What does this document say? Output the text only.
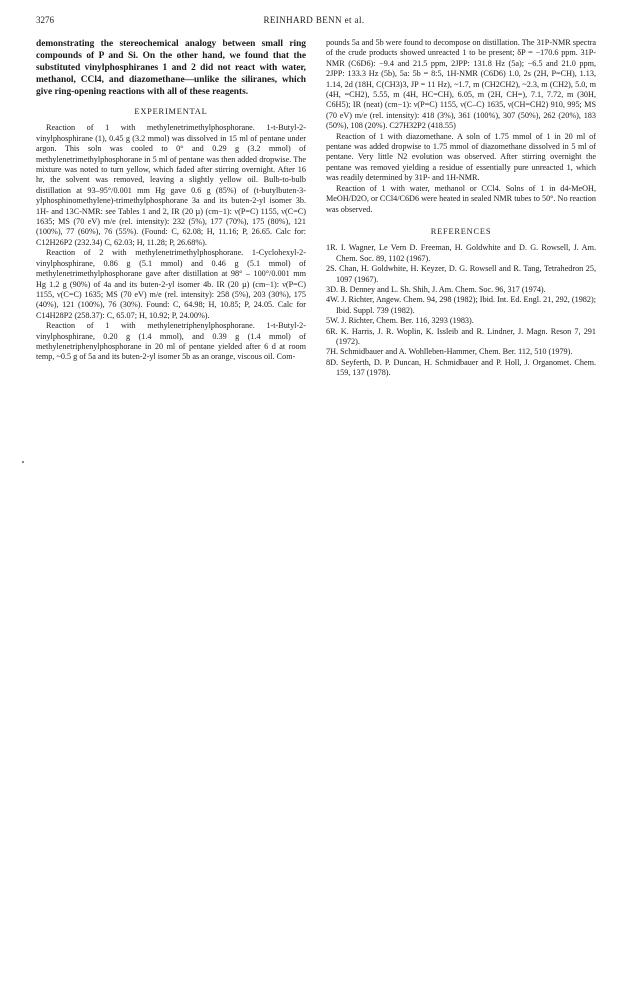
3276	REINHARD BENN et al.

demonstrating the stereochemical analogy between small ring compounds of P and Si. On the other hand, we found that the substituted vinylphosphiranes 1 and 2 did not react with water, methanol, CCl4, and diazomethane—unlike the siliranes, which give ring-opening reactions with all of these reagents.

EXPERIMENTAL

Reaction of 1 with methylenetrimethylphosphorane. 1-t-Butyl-2-vinylphosphirane (1), 0.45 g (3.2 mmol) was dissolved in 15 ml of pentane under argon. This soln was cooled to 0° and 0.29 g (3.2 mmol) of methylenetrimethylphosphorane in 5 ml of pentane was then added dropwise. The mixture was noted to turn yellow, which faded after stirring overnight. After 16 hr, the solvent was removed, leaving a slightly yellow oil. Bulb-to-bulb distillation at 93–95°/0.001 mm Hg gave 0.6 g (85%) of (t-butylbuten-3-ylphosphinomethylene)-trimethylphosphorane 3a and its buten-2-yl isomer 3b. 1H- and 13C-NMR: see Tables 1 and 2, IR (20 µ) (cm−1): ν(P=C) 1155, ν(C=C) 1635; MS (70 eV) m/e (rel. intensity): 232 (5%), 177 (70%), 175 (80%), 121 (100%), 77 (60%), 76 (55%). (Found: C, 62.08; H, 11.16; P, 26.65. Calc for: C12H26P2 (232.34) C, 62.03; H, 11.28; P, 26.68%).

Reaction of 2 with methylenetrimethylphosphorane. 1-Cyclohexyl-2-vinylphosphirane, 0.86 g (5.1 mmol) and 0.46 g (5.1 mmol) of methylenetrimethylphosphorane gave after distillation at 98° – 100°/0.001 mm Hg 1.2 g (90%) of 4a and its buten-2-yl isomer 4b. IR (20 µ) (cm−1): ν(P=C) 1155, ν(C=C) 1635; MS (70 eV) m/e (rel. intensity): 258 (5%), 203 (30%), 175 (40%), 121 (100%), 76 (30%). Found: C, 64.98; H, 10.85; P, 24.05. Calc for C14H28P2 (258.37): C, 65.07; H, 10.92; P, 24.00%).

Reaction of 1 with methylenetriphenylphosphorane. 1-t-Butyl-2-vinylphosphirane, 0.20 g (1.4 mmol), and 0.39 g (1.4 mmol) of methylenetriphenylphosphorane in 20 ml of pentane yielded after 6 d at room temp, ~0.5 g of 5a and its buten-2-yl isomer 5b as an orange, viscous oil. Com-

pounds 5a and 5b were found to decompose on distillation. The 31P-NMR spectra of the crude products showed unreacted 1 to be present; δP = −170.6 ppm. 31P-NMR (C6D6): −9.4 and 21.5 ppm, 2JPP: 131.8 Hz (5a); −6.5 and 21.0 ppm, 2JPP: 133.3 Hz (5b), 5a: 5b = 8:5, 1H-NMR (C6D6) 1.0, 2s (2H, P=CH), 1.13, 1.14, 2d (18H, C(CH3)3, JP = 11 Hz), ~1.7, m (CH2CH2), ~2.3, m (CH2), 5.0, m (4H, =CH2), 5.55, m (4H, HC=CH), 6.05, m (2H, CH=), 7.1, 7.72, m (30H, C6H5); IR (neat) (cm−1): ν(P=C) 1155, ν(C–C) 1635, ν(CH=CH2) 910, 995; MS (70 eV) m/e (rel. intensity): 418 (3%), 361 (100%), 307 (50%), 262 (20%), 183 (50%), 108 (20%). C27H32P2 (418.55)

Reaction of 1 with diazomethane. A soln of 1.75 mmol of 1 in 20 ml of pentane was added dropwise to 1.75 mmol of diazomethane dissolved in 5 ml of pentane. Very little N2 evolution was observed. After stirring overnight the pentane was removed yielding a residue of essentially pure unreacted 1, which was readily determined by 31P- and 1H-NMR.

Reaction of 1 with water, methanol or CCl4. Solns of 1 in d4-MeOH, MeOH/D2O, or CCl4/C6D6 were heated in sealed NMR tubes to 50°. No reaction was observed.

REFERENCES

1R. I. Wagner, Le Vern D. Freeman, H. Goldwhite and D. G. Rowsell, J. Am. Chem. Soc. 89, 1102 (1967).

2S. Chan, H. Goldwhite, H. Keyzer, D. G. Rowsell and R. Tang, Tetrahedron 25, 1097 (1967).

3D. B. Denney and L. Sh. Shih, J. Am. Chem. Soc. 96, 317 (1974).

4W. J. Richter, Angew. Chem. 94, 298 (1982); Ibid. Int. Ed. Engl. 21, 292, (1982); Ibid. Suppl. 739 (1982).

5W. J. Richter, Chem. Ber. 116, 3293 (1983).

6R. K. Harris, J. R. Woplin, K. Issleib and R. Lindner, J. Magn. Reson 7, 291 (1972).

7H. Schmidbauer and A. Wohlleben-Hammer, Chem. Ber. 112, 510 (1979).

8D. Seyferth, D. P. Duncan, H. Schmidbauer and P. Holl, J. Organomet. Chem. 159, 137 (1978).
